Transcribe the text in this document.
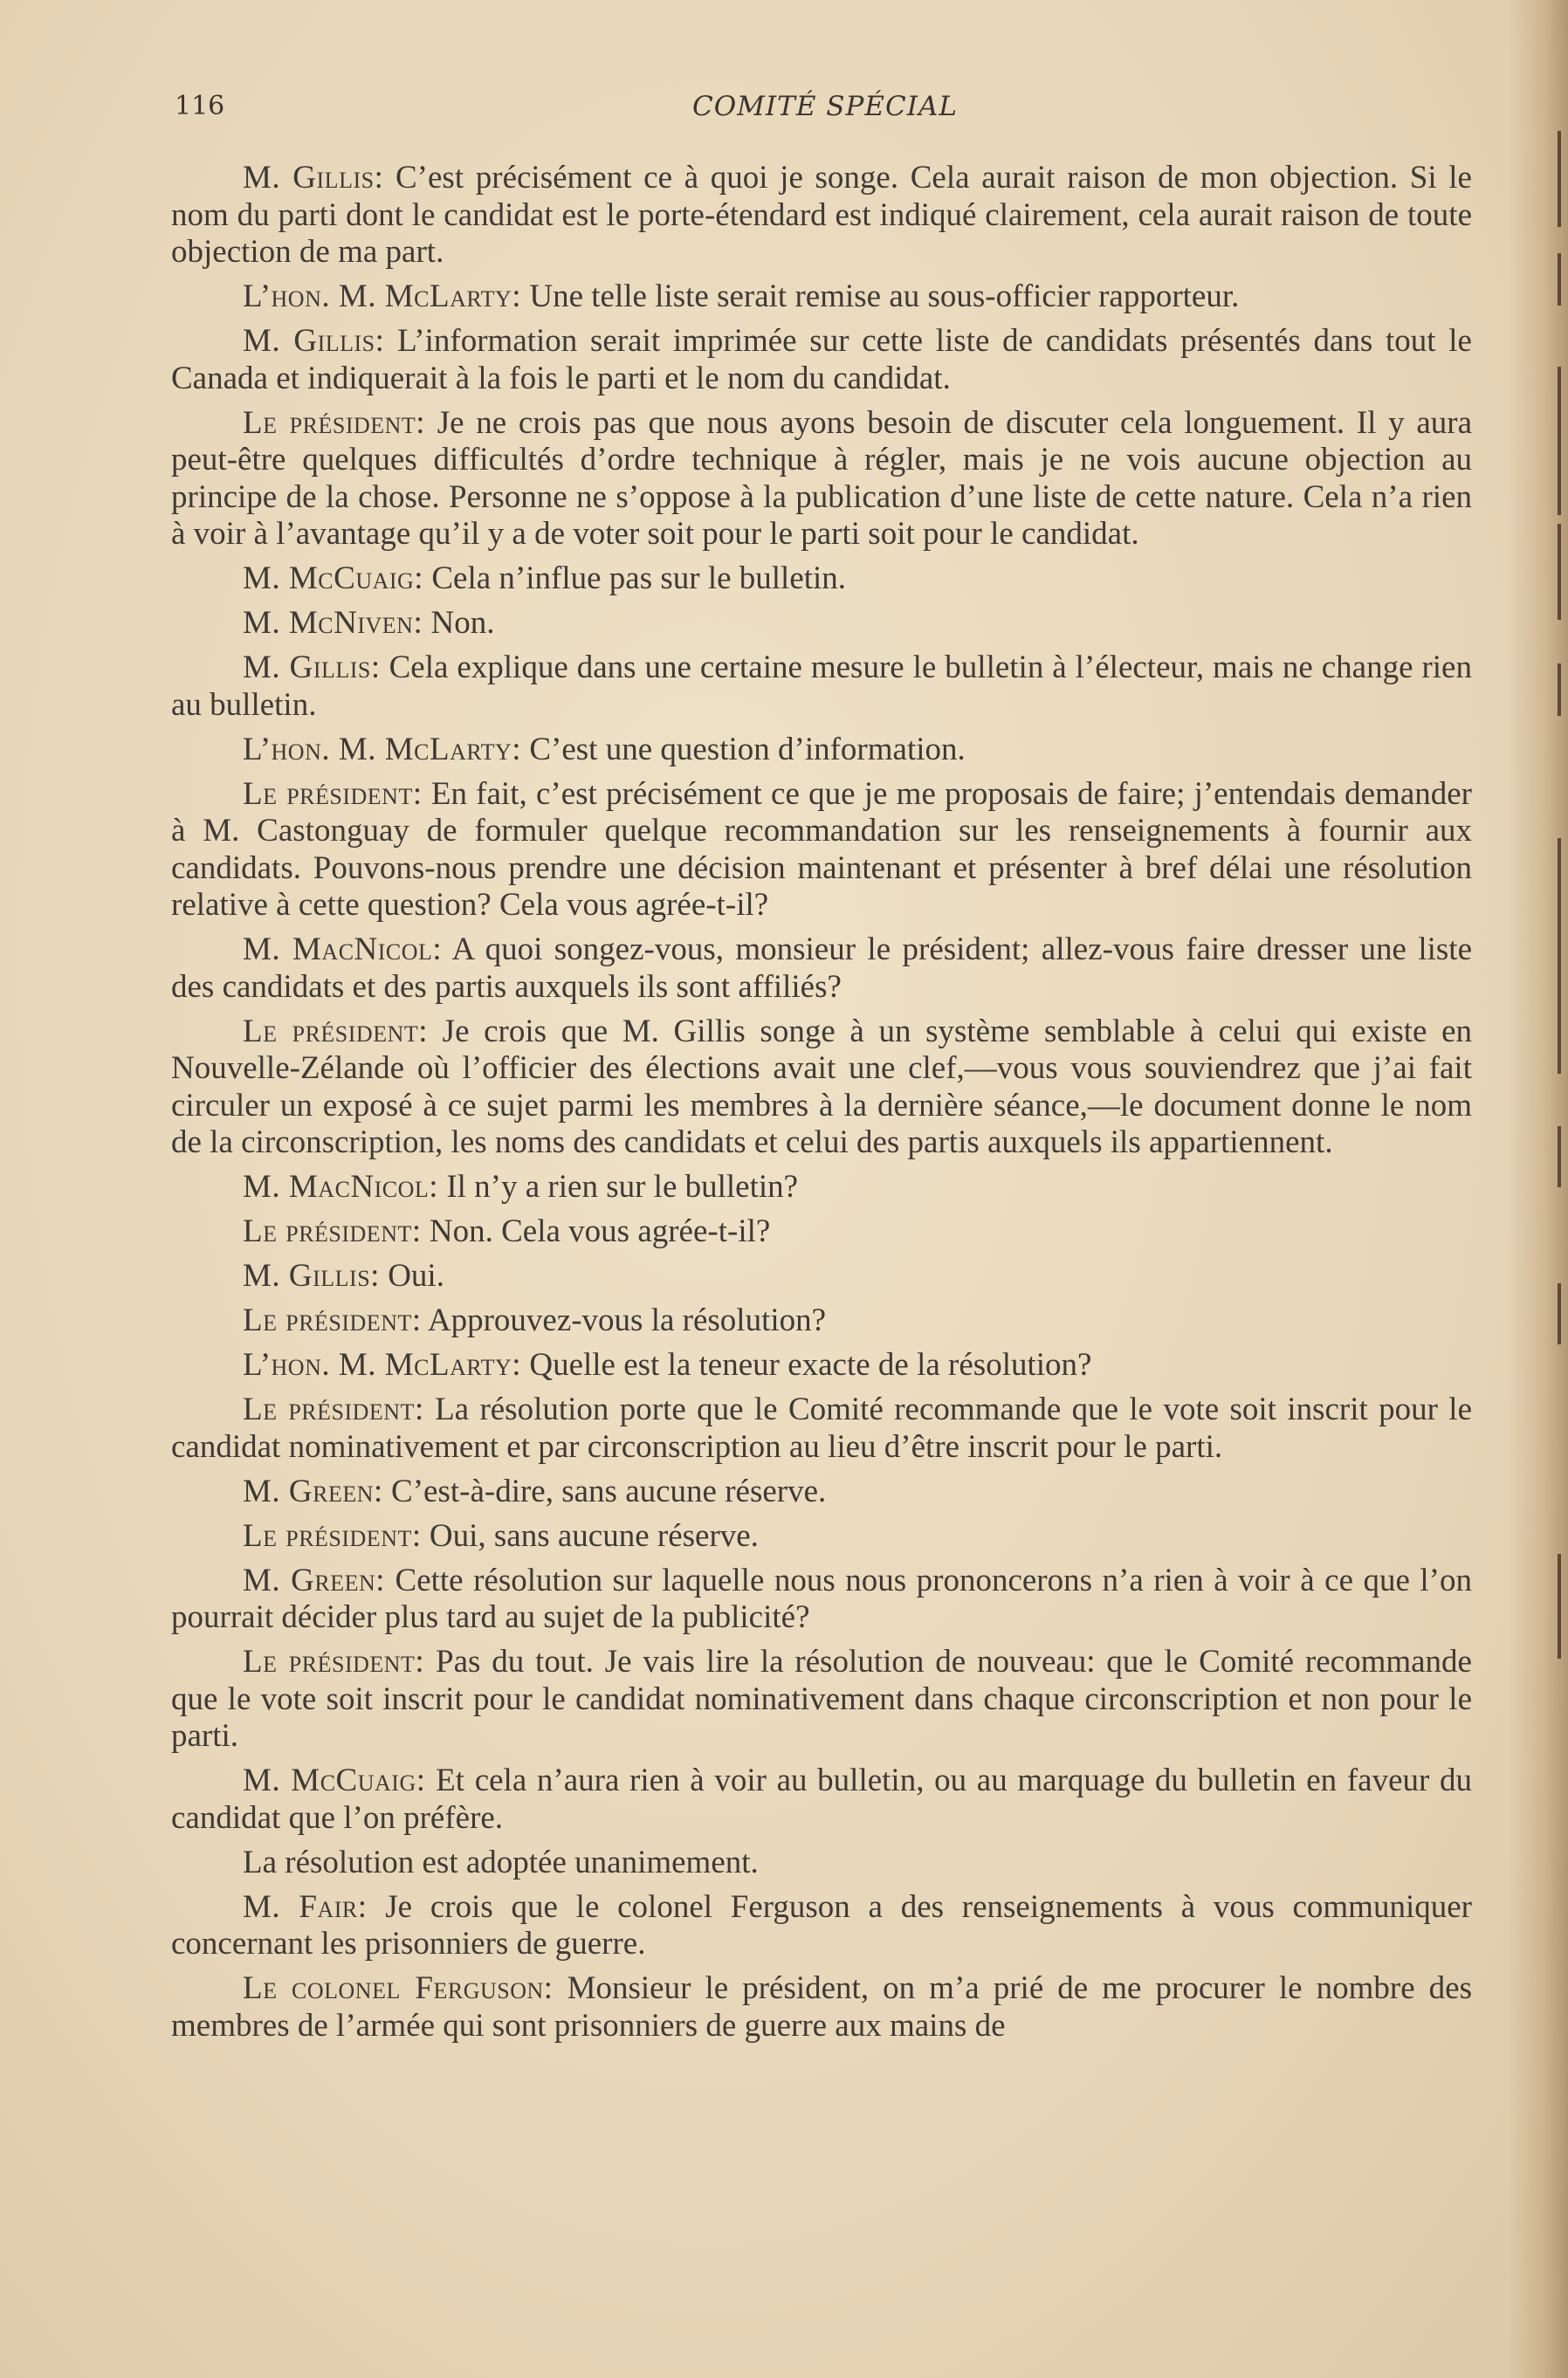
116	COMITÉ SPÉCIAL

M. Gillis: C’est précisément ce à quoi je songe. Cela aurait raison de mon objection. Si le nom du parti dont le candidat est le porte-étendard est indiqué clairement, cela aurait raison de toute objection de ma part.

L’hon. M. McLarty: Une telle liste serait remise au sous-officier rapporteur.

M. Gillis: L’information serait imprimée sur cette liste de candidats présentés dans tout le Canada et indiquerait à la fois le parti et le nom du candidat.

Le président: Je ne crois pas que nous ayons besoin de discuter cela longuement. Il y aura peut-être quelques difficultés d’ordre technique à régler, mais je ne vois aucune objection au principe de la chose. Personne ne s’oppose à la publication d’une liste de cette nature. Cela n’a rien à voir à l’avantage qu’il y a de voter soit pour le parti soit pour le candidat.

M. McCuaig: Cela n’influe pas sur le bulletin.

M. McNiven: Non.

M. Gillis: Cela explique dans une certaine mesure le bulletin à l’électeur, mais ne change rien au bulletin.

L’hon. M. McLarty: C’est une question d’information.

Le président: En fait, c’est précisément ce que je me proposais de faire; j’entendais demander à M. Castonguay de formuler quelque recommandation sur les renseignements à fournir aux candidats. Pouvons-nous prendre une décision maintenant et présenter à bref délai une résolution relative à cette question? Cela vous agrée-t-il?

M. MacNicol: A quoi songez-vous, monsieur le président; allez-vous faire dresser une liste des candidats et des partis auxquels ils sont affiliés?

Le président: Je crois que M. Gillis songe à un système semblable à celui qui existe en Nouvelle-Zélande où l’officier des élections avait une clef,—vous vous souviendrez que j’ai fait circuler un exposé à ce sujet parmi les membres à la dernière séance,—le document donne le nom de la circonscription, les noms des candidats et celui des partis auxquels ils appartiennent.

M. MacNicol: Il n’y a rien sur le bulletin?

Le président: Non. Cela vous agrée-t-il?

M. Gillis: Oui.

Le président: Approuvez-vous la résolution?

L’hon. M. McLarty: Quelle est la teneur exacte de la résolution?

Le président: La résolution porte que le Comité recommande que le vote soit inscrit pour le candidat nominativement et par circonscription au lieu d’être inscrit pour le parti.

M. Green: C’est-à-dire, sans aucune réserve.

Le président: Oui, sans aucune réserve.

M. Green: Cette résolution sur laquelle nous nous prononcerons n’a rien à voir à ce que l’on pourrait décider plus tard au sujet de la publicité?

Le président: Pas du tout. Je vais lire la résolution de nouveau: que le Comité recommande que le vote soit inscrit pour le candidat nominativement dans chaque circonscription et non pour le parti.

M. McCuaig: Et cela n’aura rien à voir au bulletin, ou au marquage du bulletin en faveur du candidat que l’on préfère.

La résolution est adoptée unanimement.

M. Fair: Je crois que le colonel Ferguson a des renseignements à vous communiquer concernant les prisonniers de guerre.

Le colonel Ferguson: Monsieur le président, on m’a prié de me procurer le nombre des membres de l’armée qui sont prisonniers de guerre aux mains de
